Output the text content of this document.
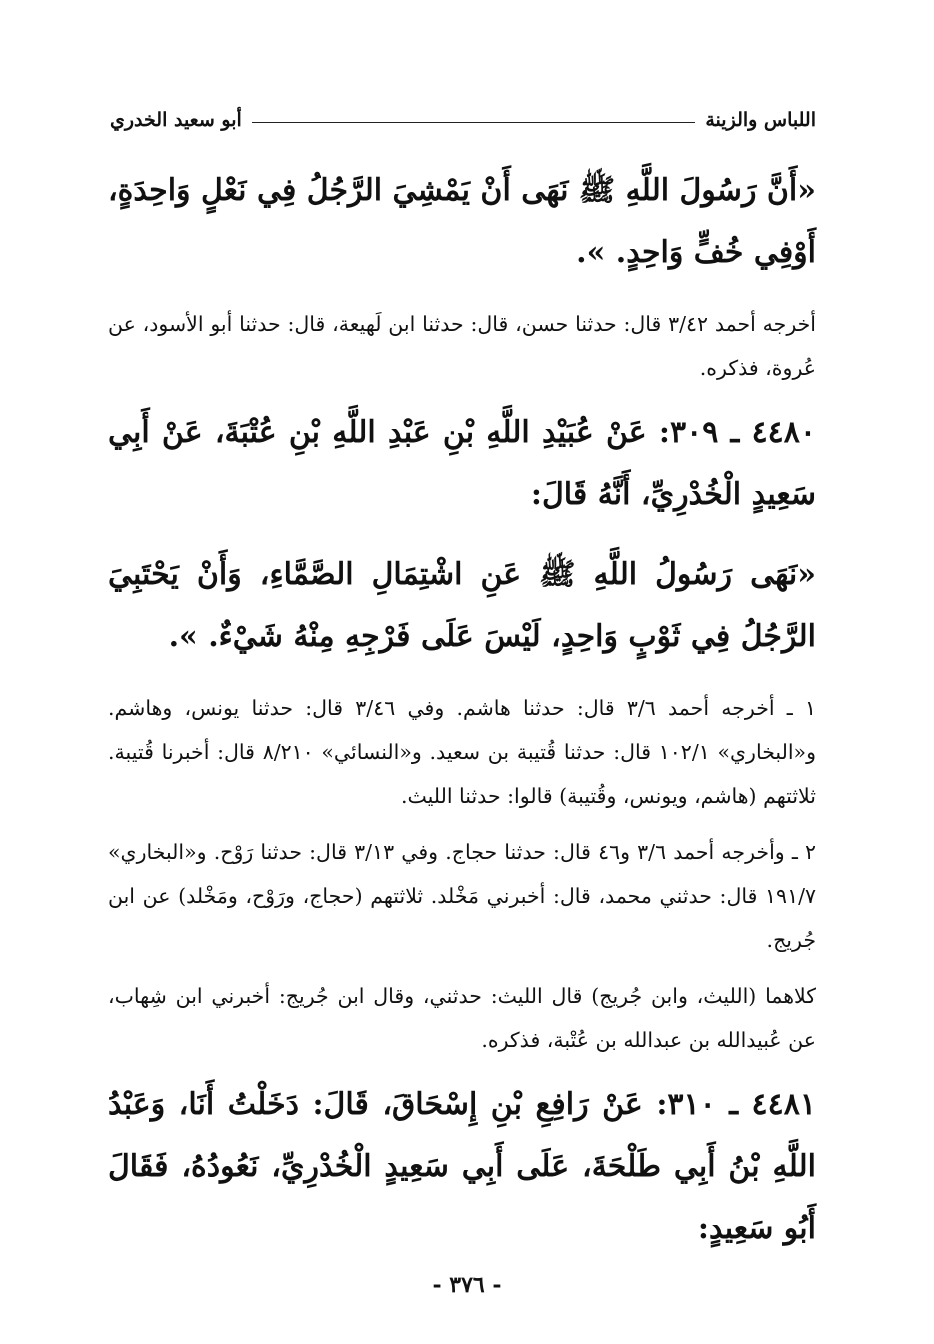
اللباس والزينة
أبو سعيد الخدري

«أَنَّ رَسُولَ اللَّهِ ﷺ نَهَى أَنْ يَمْشِيَ الرَّجُلُ فِي نَعْلٍ وَاحِدَةٍ، أَوْفِي خُفٍّ وَاحِدٍ. ».

أخرجه أحمد ٣/٤٢ قال: حدثنا حسن، قال: حدثنا ابن لَهيعة، قال: حدثنا أبو الأسود، عن عُروة، فذكره.

٤٤٨٠ ـ ٣٠٩: عَنْ عُبَيْدِ اللَّهِ بْنِ عَبْدِ اللَّهِ بْنِ عُتْبَةَ، عَنْ أَبِي سَعِيدٍ الْخُدْرِيِّ، أَنَّهُ قَالَ:

«نَهَى رَسُولُ اللَّهِ ﷺ عَنِ اشْتِمَالِ الصَّمَّاءِ، وَأَنْ يَحْتَبِيَ الرَّجُلُ فِي ثَوْبٍ وَاحِدٍ، لَيْسَ عَلَى فَرْجِهِ مِنْهُ شَيْءٌ. ».

١ ـ أخرجه أحمد ٣/٦ قال: حدثنا هاشم. وفي ٣/٤٦ قال: حدثنا يونس، وهاشم. و«البخاري» ١٠٢/١ قال: حدثنا قُتيبة بن سعيد. و«النسائي» ٨/٢١٠ قال: أخبرنا قُتيبة. ثلاثتهم (هاشم، ويونس، وقُتيبة) قالوا: حدثنا الليث.

٢ ـ وأخرجه أحمد ٣/٦ و٤٦ قال: حدثنا حجاج. وفي ٣/١٣ قال: حدثنا رَوْح. و«البخاري» ١٩١/٧ قال: حدثني محمد، قال: أخبرني مَخْلد. ثلاثتهم (حجاج، ورَوْح، ومَخْلد) عن ابن جُريج.

كلاهما (الليث، وابن جُريج) قال الليث: حدثني، وقال ابن جُريج: أخبرني ابن شِهاب، عن عُبيدالله بن عبدالله بن عُتْبة، فذكره.

٤٤٨١ ـ ٣١٠: عَنْ رَافِعِ بْنِ إِسْحَاقَ، قَالَ: دَخَلْتُ أَنَا، وَعَبْدُ اللَّهِ بْنُ أَبِي طَلْحَةَ، عَلَى أَبِي سَعِيدٍ الْخُدْرِيِّ، نَعُودُهُ، فَقَالَ أَبُو سَعِيدٍ:

- ٣٧٦ -
